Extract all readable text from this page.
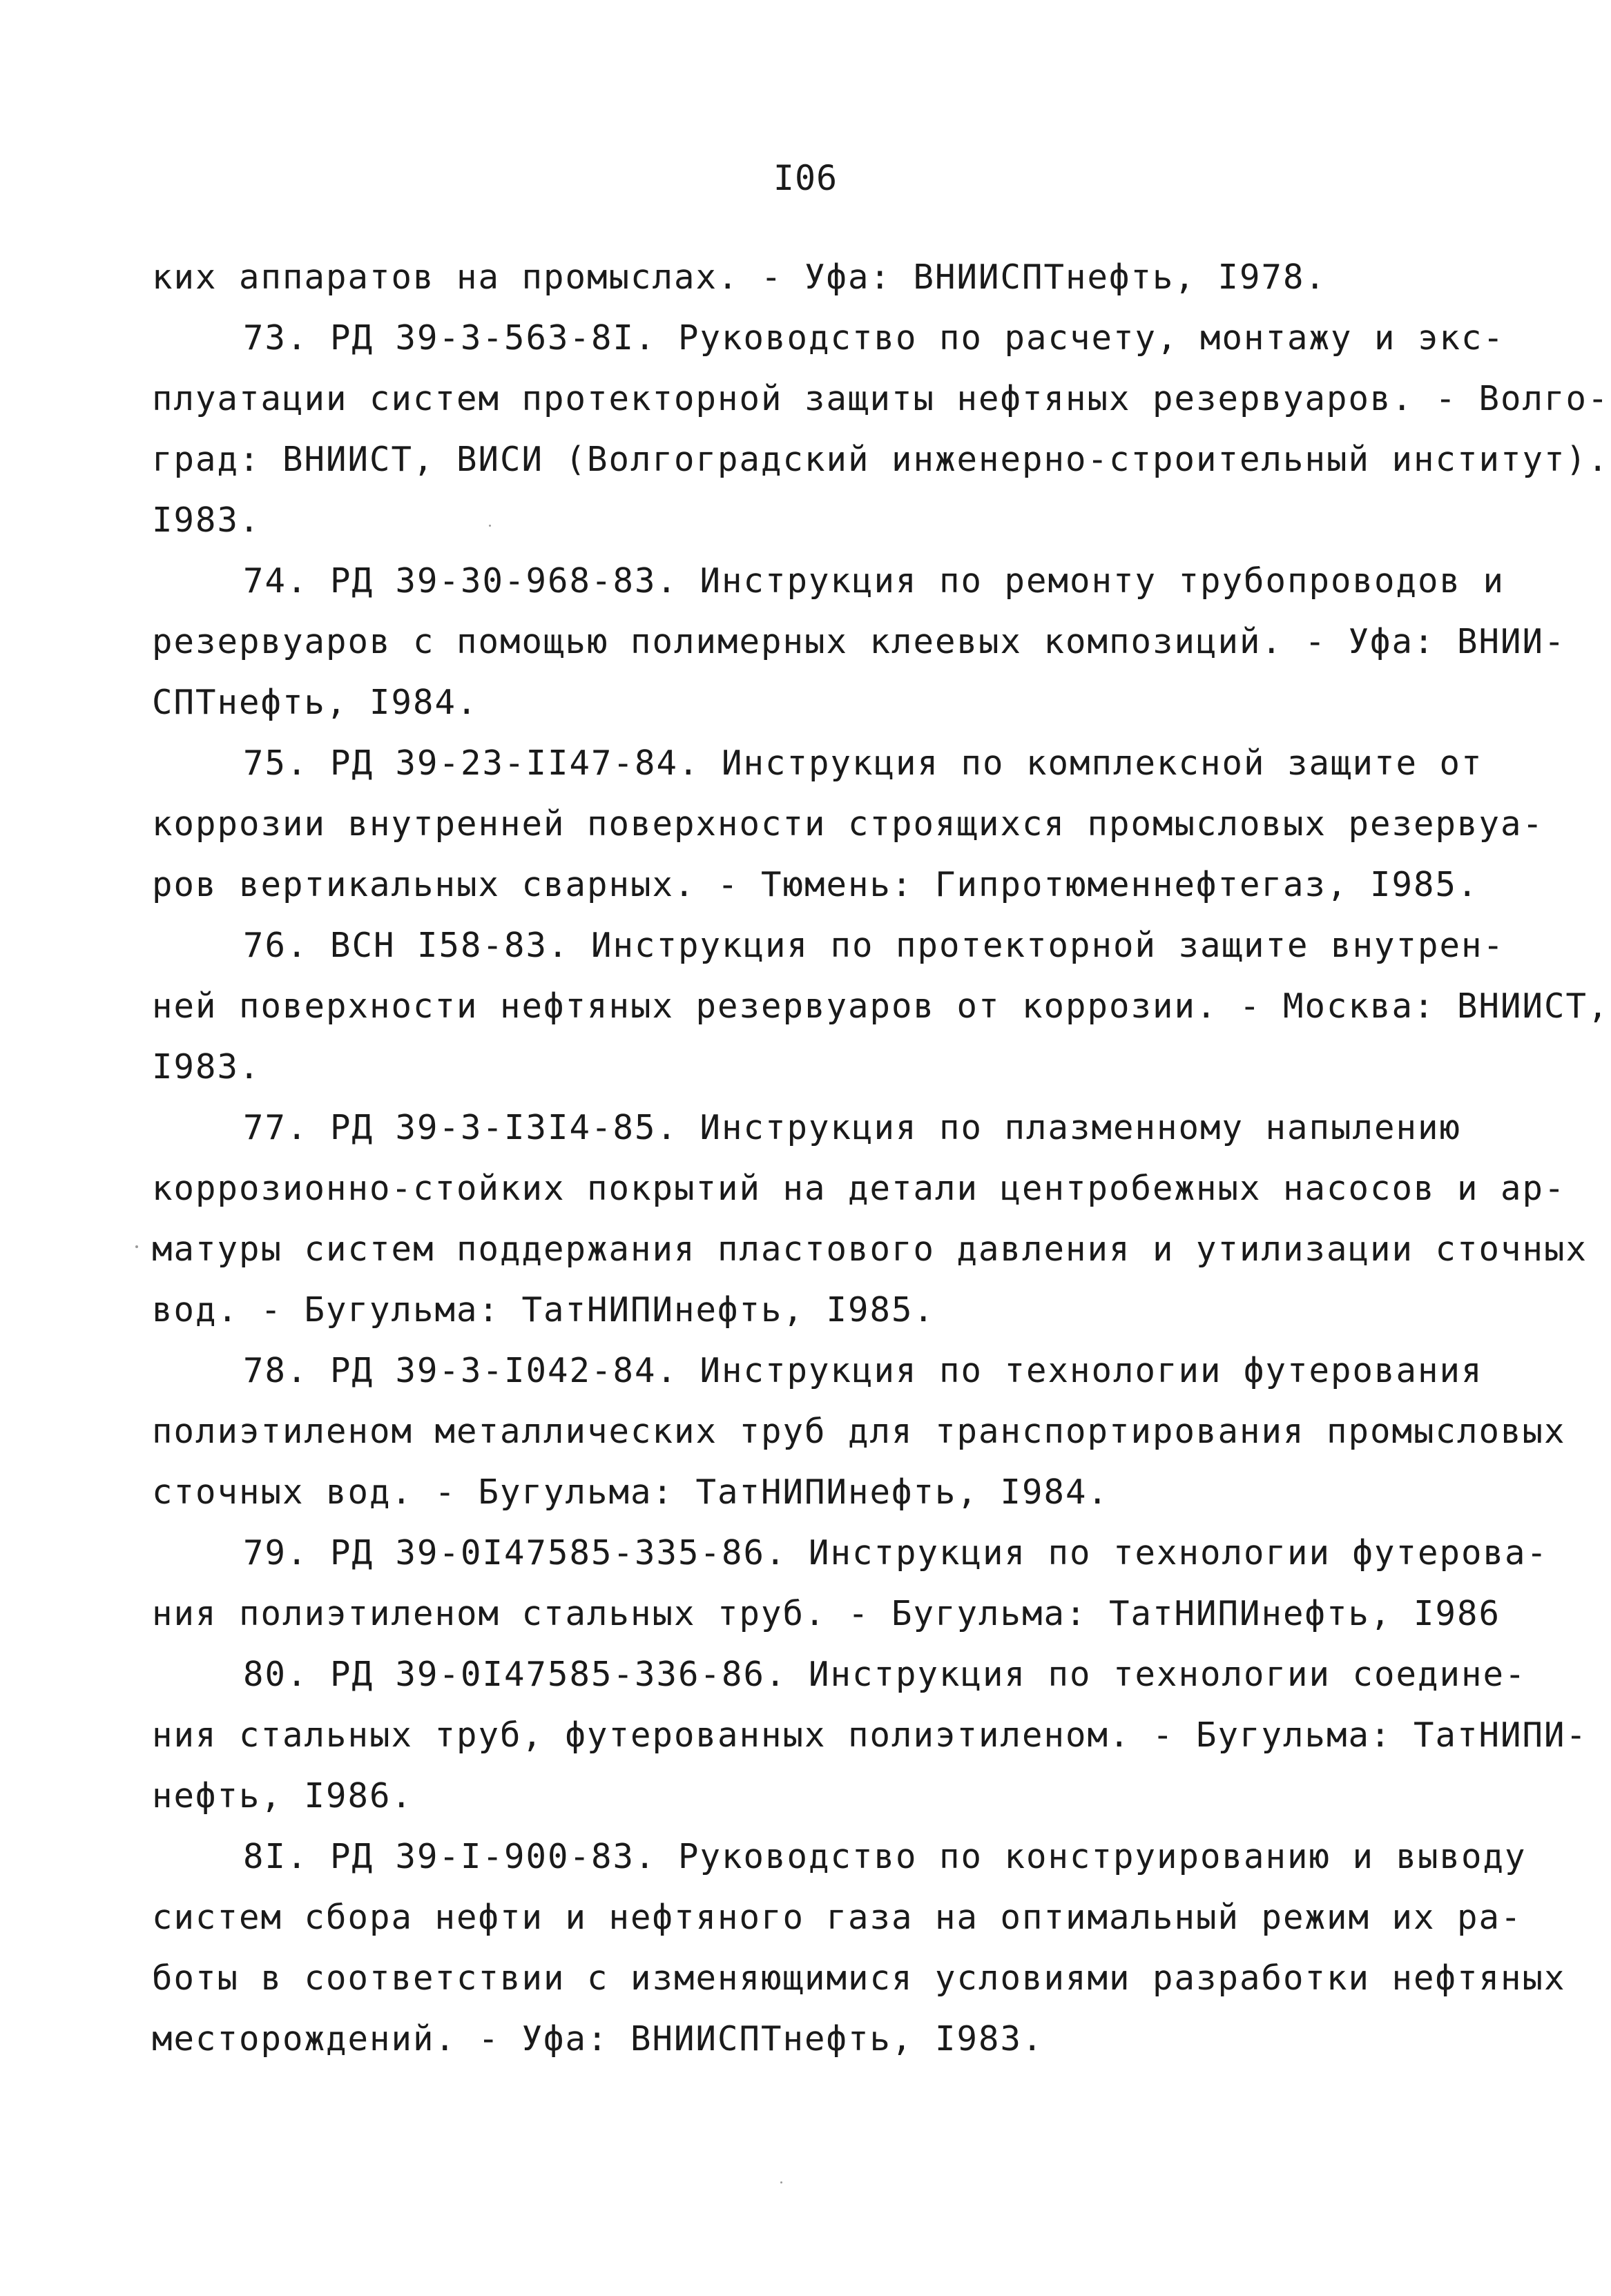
I06
ких аппаратов на промыслах. - Уфа: ВНИИСПТнефть, I978.
73. РД 39-3-563-8I. Руководство по расчету, монтажу и экс-
плуатации систем протекторной защиты нефтяных резервуаров. - Волго-
град: ВНИИСТ, ВИСИ (Волгоградский инженерно-строительный институт).
I983.
74. РД 39-30-968-83. Инструкция по ремонту трубопроводов и
резервуаров с помощью полимерных клеевых композиций. - Уфа: ВНИИ-
СПТнефть, I984.
75. РД 39-23-II47-84. Инструкция по комплексной защите от
коррозии внутренней поверхности строящихся промысловых резервуа-
ров вертикальных сварных. - Тюмень: Гипротюменнефтегаз, I985.
76. ВСН I58-83. Инструкция по протекторной защите внутрен-
ней поверхности нефтяных резервуаров от коррозии. - Москва: ВНИИСТ,
I983.
77. РД 39-3-I3I4-85. Инструкция по плазменному напылению
коррозионно-стойких покрытий на детали центробежных насосов и ар-
матуры систем поддержания пластового давления и утилизации сточных
вод. - Бугульма: ТатНИПИнефть, I985.
78. РД 39-3-I042-84. Инструкция по технологии футерования
полиэтиленом металлических труб для транспортирования промысловых
сточных вод. - Бугульма: ТатНИПИнефть, I984.
79. РД 39-0I47585-335-86. Инструкция по технологии футерова-
ния полиэтиленом стальных труб. - Бугульма: ТатНИПИнефть, I986
80. РД 39-0I47585-336-86. Инструкция по технологии соедине-
ния стальных труб, футерованных полиэтиленом. - Бугульма: ТатНИПИ-
нефть, I986.
8I. РД 39-I-900-83. Руководство по конструированию и выводу
систем сбора нефти и нефтяного газа на оптимальный режим их ра-
боты в соответствии с изменяющимися условиями разработки нефтяных
месторождений. - Уфа: ВНИИСПТнефть, I983.
